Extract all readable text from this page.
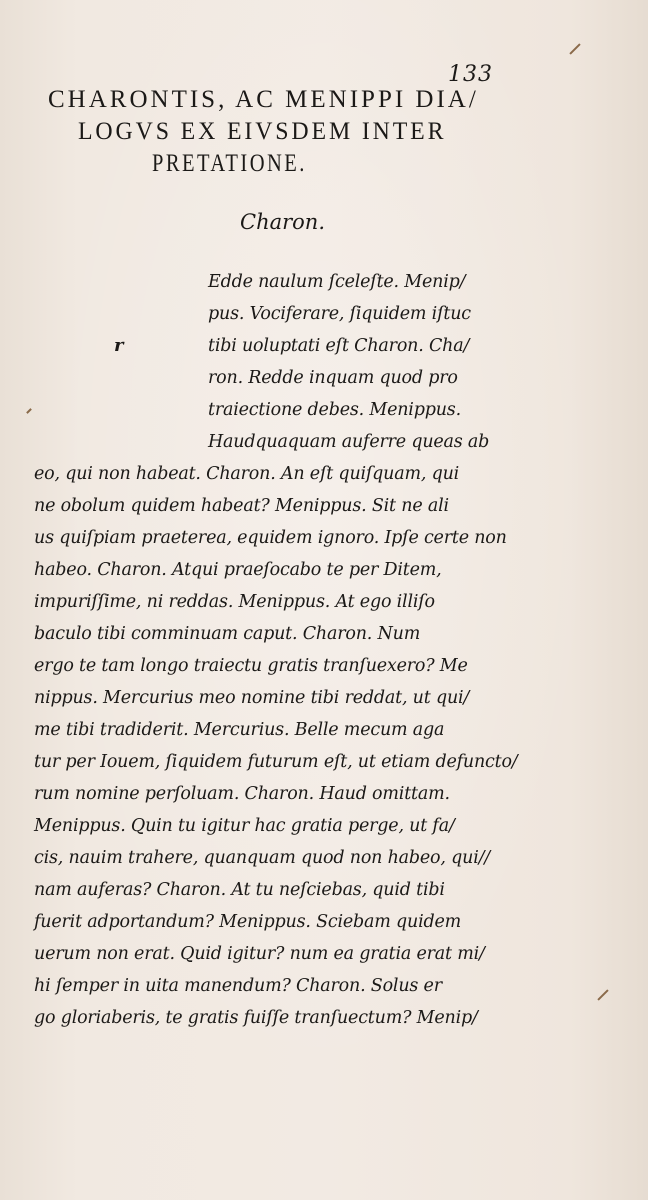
133
CHARONTIS, AC MENIPPI DIA/
LOGVS EX EIVSDEM INTER
PRETATIONE.
Charon.
r
Edde naulum ſceleſte. Menip/
pus. Vociferare, ſiquidem iſtuc
tibi uoluptati eſt Charon. Cha/
ron. Redde inquam quod pro
traiectione debes. Menippus.
Haudquaquam auferre queas ab
eo, qui non habeat. Charon. An eſt quiſquam, qui
ne obolum quidem habeat? Menippus. Sit ne ali
us quiſpiam praeterea, equidem ignoro. Ipſe certe non
habeo. Charon. Atqui praeſocabo te per Ditem,
impuriſſime, ni reddas. Menippus. At ego illiſo
baculo tibi comminuam caput. Charon. Num
ergo te tam longo traiectu gratis tranſuexero? Me
nippus. Mercurius meo nomine tibi reddat, ut qui/
me tibi tradiderit. Mercurius. Belle mecum aga
tur per Iouem, ſiquidem futurum eſt, ut etiam defuncto/
rum nomine perſoluam. Charon. Haud omittam.
Menippus. Quin tu igitur hac gratia perge, ut fa/
cis, nauim trahere, quanquam quod non habeo, qui//
nam auferas? Charon. At tu neſciebas, quid tibi
fuerit adportandum? Menippus. Sciebam quidem
uerum non erat. Quid igitur? num ea gratia erat mi/
hi ſemper in uita manendum? Charon. Solus er
go gloriaberis, te gratis fuiſſe tranſuectum? Menip/
